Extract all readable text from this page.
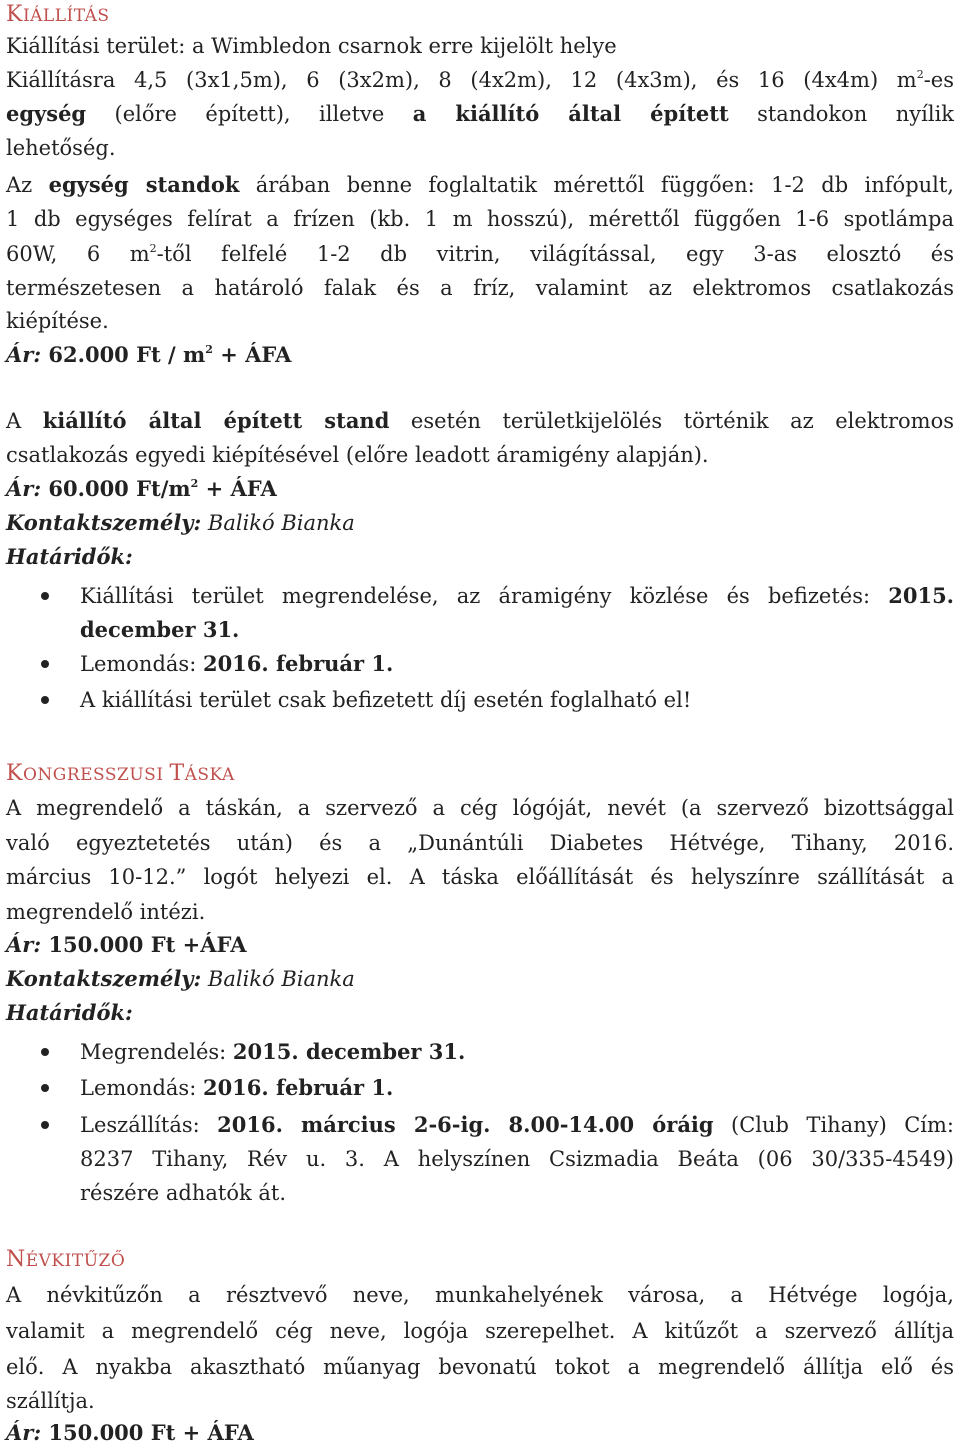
KIÁLLÍTÁS
Kiállítási terület: a Wimbledon csarnok erre kijelölt helye
Kiállításra 4,5 (3x1,5m), 6 (3x2m), 8 (4x2m), 12 (4x3m), és 16 (4x4m) $m^2-es$
egység (előre épített), illetve a kiállító által épített standokon nyílik
lehetőség.
Az egység standok árában benne foglaltatik mérettől függően: 1-2 db infópult,
1 db egységes felírat a frízen (kb. 1 m hosszú), mérettől függően 1-6 spotlámpa
60W, 6 $m^2$-től felfelé 1-2 db vitrin, világítással, egy 3-as elosztó és
természetesen a határoló falak és a fríz, valamint az elektromos csatlakozás
kiépítése.
Ár: 62.000 Ft / $m^2$ + ÁFA
A kiállító által épített stand esetén területkijelölés történik az elektromos
csatlakozás egyedi kiépítésével (előre leadott áramigény alapján).
Ár: 60.000 $Ft/m^2$ + ÁFA
Kontaktszemély: Balikó Bianka
Határidők:
Kiállítási terület megrendelése, az áramigény közlése és befizetés: 2015.
december 31.
Lemondás: 2016. február 1.
A kiállítási terület csak befizetett díj esetén foglalható el!
KONGRESSZUSI TÁSKA
A megrendelő a táskán, a szervező a cég lógóját, nevét (a szervező bizottsággal
való egyeztetetés után) és a „Dunántúli Diabetes Hétvége, Tihany, 2016.
március 10-12.” logót helyezi el. A táska előállítását és helyszínre szállítását a
megrendelő intézi.
Ár: 150.000 Ft +ÁFA
Kontaktszemély: Balikó Bianka
Határidők:
Megrendelés: 2015. december 31.
Lemondás: 2016. február 1.
Leszállítás: 2016. március 2-6-ig. 8.00-14.00 óráig (Club Tihany) Cím:
8237 Tihany, Rév u. 3. A helyszínen Csizmadia Beáta (06 30/335-4549)
részére adhatók át.
NÉVKITŰZŐ
A névkitűzőn a résztvevő neve, munkahelyének városa, a Hétvége logója,
valamit a megrendelő cég neve, logója szerepelhet. A kitűzőt a szervező állítja
elő. A nyakba akasztható műanyag bevonatú tokot a megrendelő állítja elő és
szállítja.
Ár: 150.000 Ft + ÁFA
